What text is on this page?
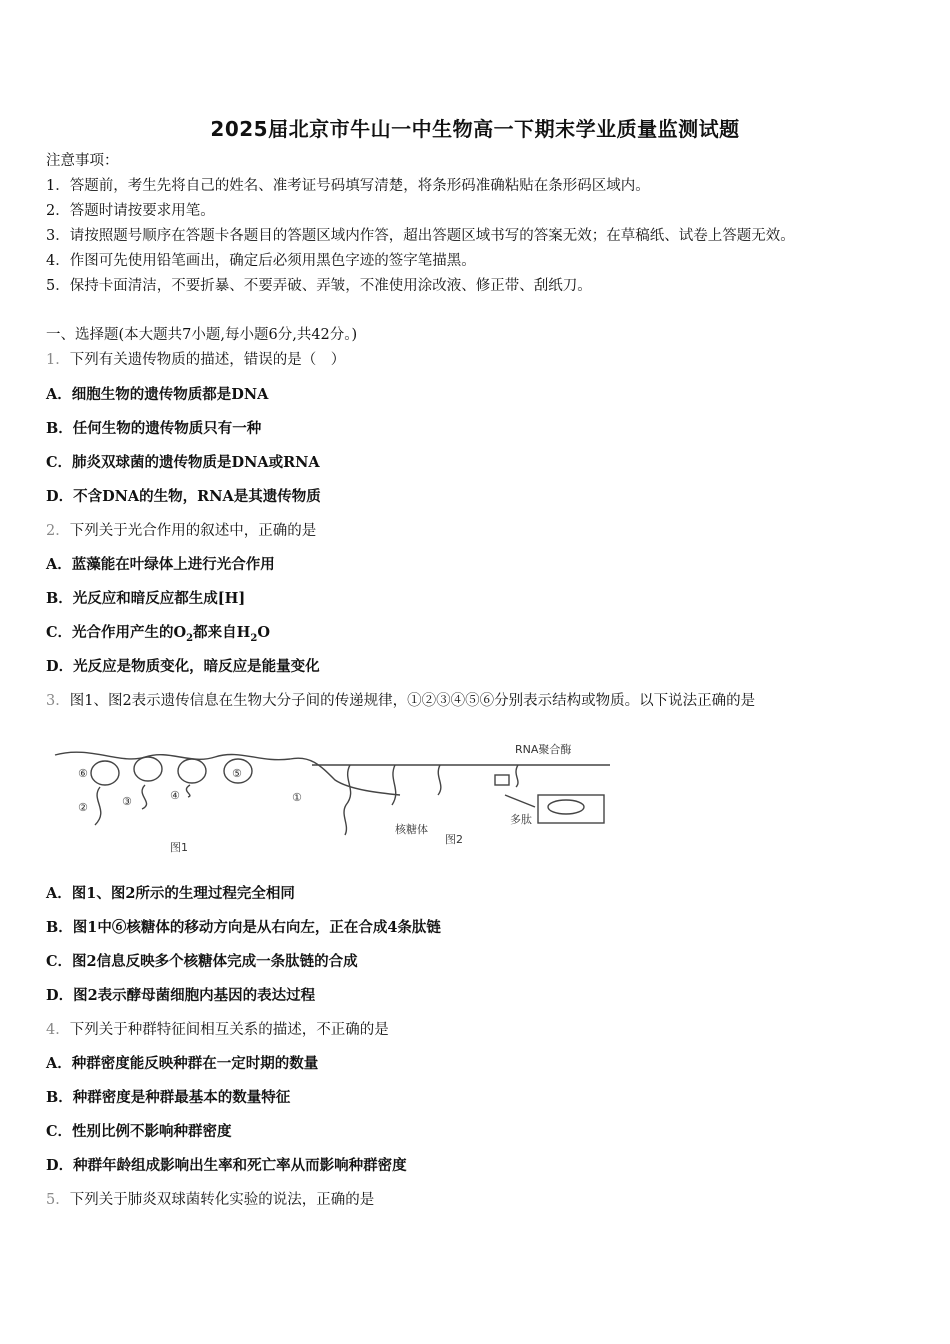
2025届北京市牛山一中生物高一下期末学业质量监测试题
注意事项：
1．答题前，考生先将自己的姓名、准考证号码填写清楚，将条形码准确粘贴在条形码区域内。
2．答题时请按要求用笔。
3．请按照题号顺序在答题卡各题目的答题区域内作答，超出答题区域书写的答案无效；在草稿纸、试卷上答题无效。
4．作图可先使用铅笔画出，确定后必须用黑色字迹的签字笔描黑。
5．保持卡面清洁，不要折暴、不要弄破、弄皱，不准使用涂改液、修正带、刮纸刀。
一、选择题(本大题共7小题,每小题6分,共42分。)
1．下列有关遗传物质的描述，错误的是（　）
A．细胞生物的遗传物质都是DNA
B．任何生物的遗传物质只有一种
C．肺炎双球菌的遗传物质是DNA或RNA
D．不含DNA的生物，RNA是其遗传物质
2．下列关于光合作用的叙述中，正确的是
A．蓝藻能在叶绿体上进行光合作用
B．光反应和暗反应都生成[H]
C．光合作用产生的$O_2$都来自$H_2O$
D．光反应是物质变化，暗反应是能量变化
3．图1、图2表示遗传信息在生物大分子间的传递规律，①②③④⑤⑥分别表示结构或物质。以下说法正确的是
⑥
②	③	④
⑤
①
图1
图2
RNA聚合酶
核糖体
多肽
A．图1、图2所示的生理过程完全相同
B．图1中⑥核糖体的移动方向是从右向左，正在合成4条肽链
C．图2信息反映多个核糖体完成一条肽链的合成
D．图2表示酵母菌细胞内基因的表达过程
4．下列关于种群特征间相互关系的描述，不正确的是
A．种群密度能反映种群在一定时期的数量
B．种群密度是种群最基本的数量特征
C．性别比例不影响种群密度
D．种群年龄组成影响出生率和死亡率从而影响种群密度
5．下列关于肺炎双球菌转化实验的说法，正确的是
